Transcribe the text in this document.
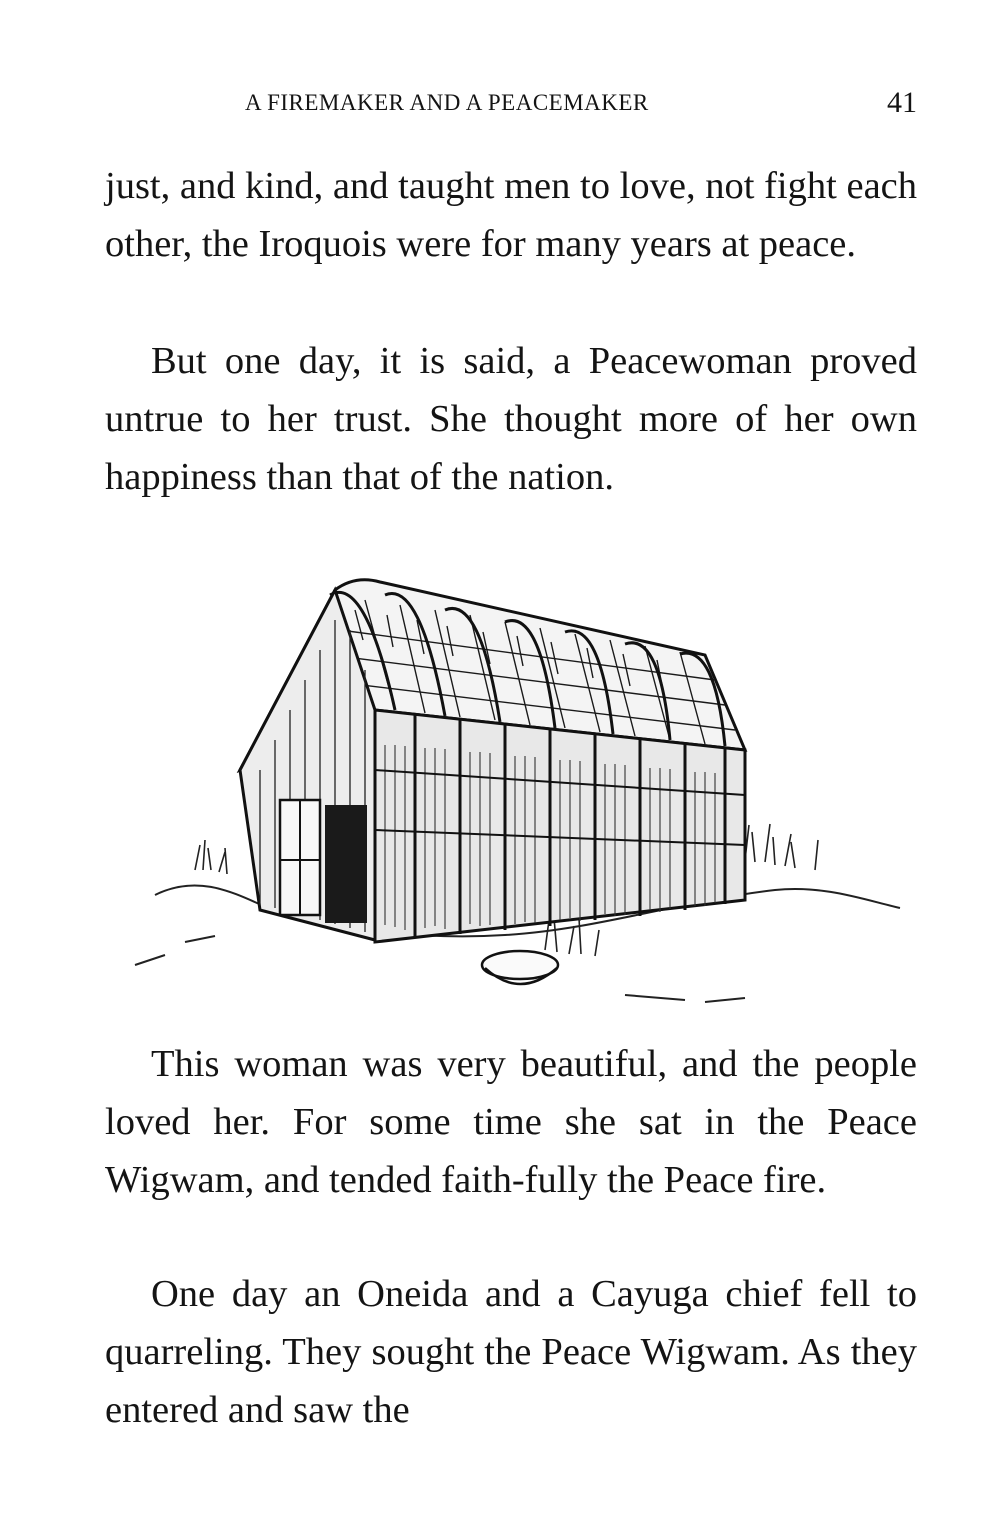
A FIREMAKER AND A PEACEMAKER	41

just, and kind, and taught men to love, not fight each other, the Iroquois were for many years at peace.

But one day, it is said, a Peacewoman proved untrue to her trust. She thought more of her own happiness than that of the nation.

This woman was very beautiful, and the people loved her. For some time she sat in the Peace Wigwam, and tended faith-fully the Peace fire.

One day an Oneida and a Cayuga chief fell to quarreling. They sought the Peace Wigwam. As they entered and saw the
